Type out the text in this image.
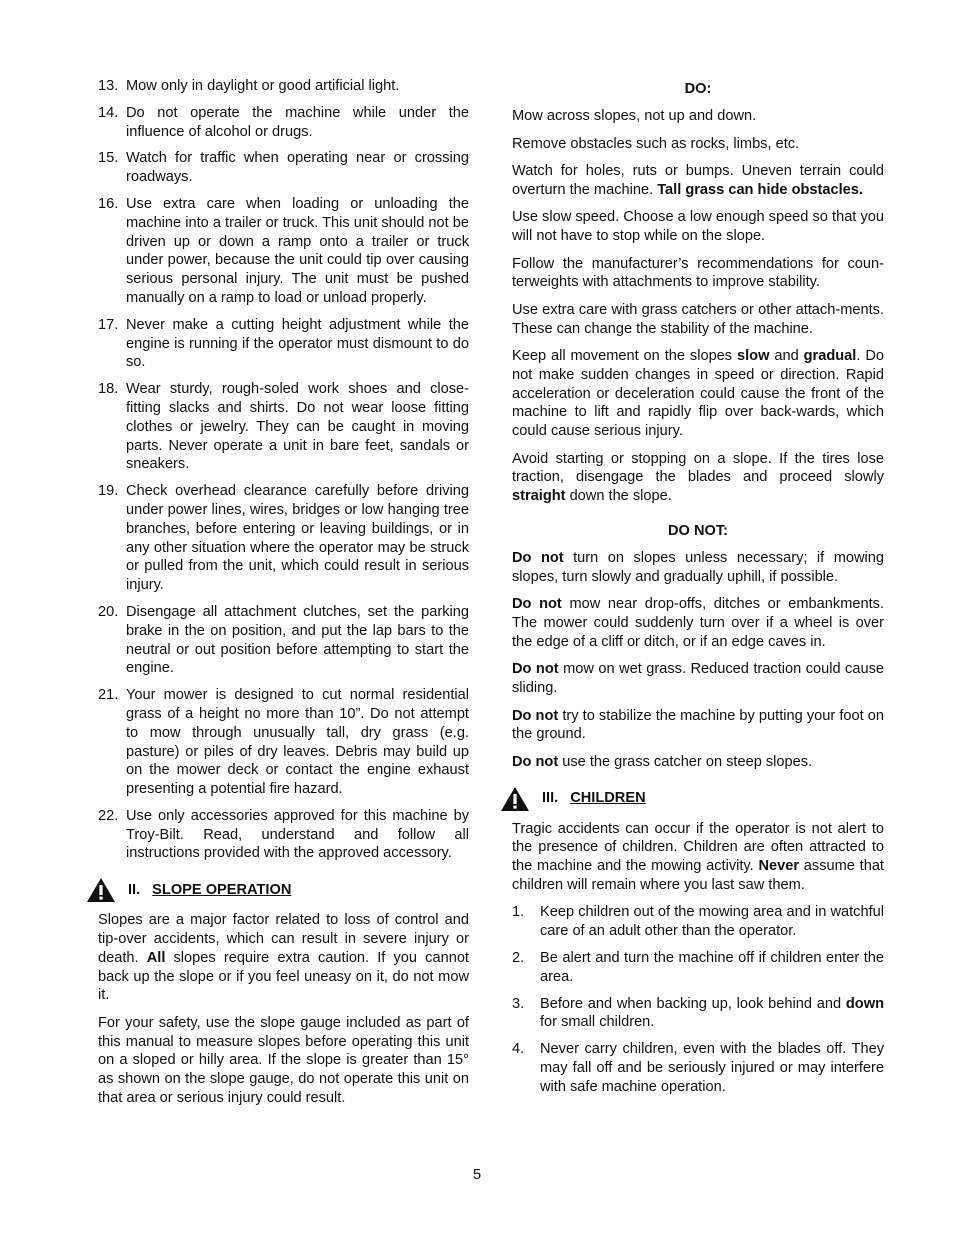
13. Mow only in daylight or good artificial light.
14. Do not operate the machine while under the influence of alcohol or drugs.
15. Watch for traffic when operating near or crossing roadways.
16. Use extra care when loading or unloading the machine into a trailer or truck. This unit should not be driven up or down a ramp onto a trailer or truck under power, because the unit could tip over causing serious personal injury. The unit must be pushed manually on a ramp to load or unload properly.
17. Never make a cutting height adjustment while the engine is running if the operator must dismount to do so.
18. Wear sturdy, rough-soled work shoes and close-fitting slacks and shirts. Do not wear loose fitting clothes or jewelry. They can be caught in moving parts. Never operate a unit in bare feet, sandals or sneakers.
19. Check overhead clearance carefully before driving under power lines, wires, bridges or low hanging tree branches, before entering or leaving buildings, or in any other situation where the operator may be struck or pulled from the unit, which could result in serious injury.
20. Disengage all attachment clutches, set the parking brake in the on position, and put the lap bars to the neutral or out position before attempting to start the engine.
21. Your mower is designed to cut normal residential grass of a height no more than 10”. Do not attempt to mow through unusually tall, dry grass (e.g. pasture) or piles of dry leaves. Debris may build up on the mower deck or contact the engine exhaust presenting a potential fire hazard.
22. Use only accessories approved for this machine by Troy-Bilt. Read, understand and follow all instructions provided with the approved accessory.
II. SLOPE OPERATION

Slopes are a major factor related to loss of control and tip-over accidents, which can result in severe injury or death. All slopes require extra caution. If you cannot back up the slope or if you feel uneasy on it, do not mow it.

For your safety, use the slope gauge included as part of this manual to measure slopes before operating this unit on a sloped or hilly area. If the slope is greater than 15° as shown on the slope gauge, do not operate this unit on that area or serious injury could result.

DO:

Mow across slopes, not up and down.

Remove obstacles such as rocks, limbs, etc.

Watch for holes, ruts or bumps. Uneven terrain could overturn the machine. Tall grass can hide obstacles.

Use slow speed. Choose a low enough speed so that you will not have to stop while on the slope.

Follow the manufacturer’s recommendations for coun-terweights with attachments to improve stability.

Use extra care with grass catchers or other attach-ments. These can change the stability of the machine.

Keep all movement on the slopes slow and gradual. Do not make sudden changes in speed or direction. Rapid acceleration or deceleration could cause the front of the machine to lift and rapidly flip over back-wards, which could cause serious injury.

Avoid starting or stopping on a slope. If the tires lose traction, disengage the blades and proceed slowly straight down the slope.

DO NOT:

Do not turn on slopes unless necessary; if mowing slopes, turn slowly and gradually uphill, if possible.

Do not mow near drop-offs, ditches or embankments. The mower could suddenly turn over if a wheel is over the edge of a cliff or ditch, or if an edge caves in.

Do not mow on wet grass. Reduced traction could cause sliding.

Do not try to stabilize the machine by putting your foot on the ground.

Do not use the grass catcher on steep slopes.

III. CHILDREN

Tragic accidents can occur if the operator is not alert to the presence of children. Children are often attracted to the machine and the mowing activity. Never assume that children will remain where you last saw them.

1. Keep children out of the mowing area and in watchful care of an adult other than the operator.
2. Be alert and turn the machine off if children enter the area.
3. Before and when backing up, look behind and down for small children.
4. Never carry children, even with the blades off. They may fall off and be seriously injured or may interfere with safe machine operation.
5
